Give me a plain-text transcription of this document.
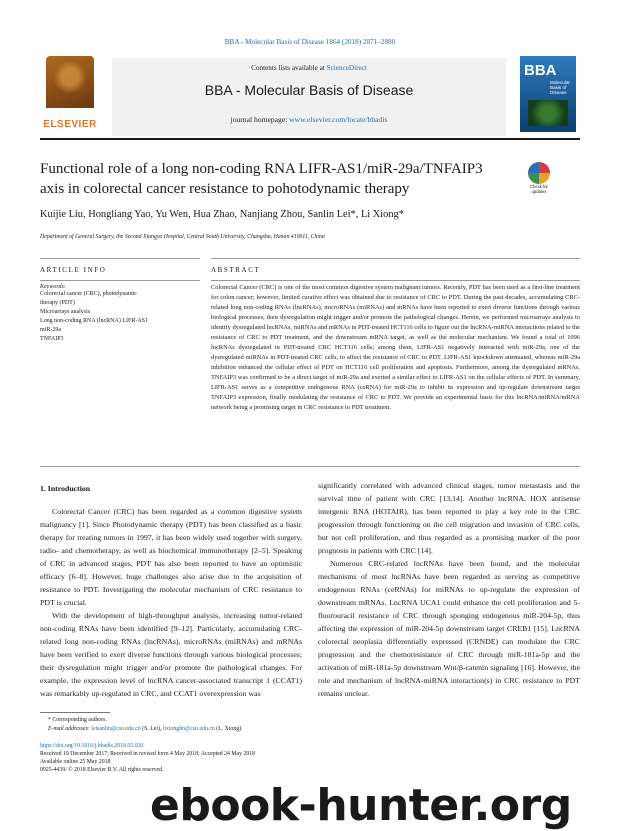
BBA - Molecular Basis of Disease 1864 (2018) 2871–2880
ELSEVIER
Contents lists available at ScienceDirect
BBA - Molecular Basis of Disease
journal homepage: www.elsevier.com/locate/bbadis
BBA
Molecular Basis of Disease
Functional role of a long non-coding RNA LIFR-AS1/miR-29a/TNFAIP3 axis in colorectal cancer resistance to pohotodynamic therapy	Check for updates
Kuijie Liu, Hongliang Yao, Yu Wen, Hua Zhao, Nanjiang Zhou, Sanlin Lei*, Li Xiong*
Department of General Surgery, the Second Xiangya Hospital, Central South University, Changsha, Hunan 410011, China
ARTICLE INFO	ABSTRACT
Keywords:
Colorectal cancer (CRC), photodynamic
therapy (PDT)
Microarrays analysis
Long non-coding RNA (lncRNA) LIFR-AS1
miR-29a
TNFAIP3
Colorectal Cancer (CRC) is one of the most common digestive system malignant tumors. Recently, PDT has been used as a first-line treatment for colon cancer; however, limited curative effect was obtained due to resistance of CRC to PDT. During the past decades, accumulating CRC-related long non-coding RNAs (lncRNAs), microRNAs (miRNAs) and mRNAs have been reported to exert diverse functions through various biological processes; their dysregulation might trigger and/or promote the pathological changes. Herein, we performed microarrays analysis to identify dysregulated lncRNAs, miRNAs and mRNAs in PDT-treated HCT116 cells to figure out the lncRNA-miRNA interactions related to the resistance of CRC to PDT treatment, and the downstream mRNA target, as well as the molecular mechanism. We found a total of 1096 lncRNAs dysregulated in PDT-treated CRC HCT116 cells; among them, LIFR-AS1 negatively interacted with miR-29a, one of the dysregulated miRNAs in PDT-treated CRC cells, to affect the resistance of CRC to PDT. LIFR-AS1 knockdown attenuated, whereas miR-29a inhibition enhanced the cellular effect of PDT on HCT116 cell proliferation and apoptosis. Furthermore, among the dysregulated mRNAs, TNFAIP3 was confirmed to be a direct target of miR-29a and exerted a similar effect to LIFR-AS1 on the cellular effects of PDT. In summary, LIFR-AS1 serves as a competitive endogenous RNA (ceRNA) for miR-29a to inhibit its expression and up-regulate downstream target TNFAIP3 expression, finally modulating the resistance of CRC to PDT. We provide an experimental basis for this lncRNA/miRNA/mRNA network being a promising target in CRC resistance to PDT treatment.
1. Introduction

Colorectal Cancer (CRC) has been regarded as a common digestive system malignancy [1]. Since Photodynamic therapy (PDT) has been classified as a basic therapy for treating tumors in 1997, it has been widely used together with surgery, radio- and chemotherapy, as well as biochemical immunotherapy [2–5]. Speaking of CRC in advanced stages, PDT has also been reported to have an optimistic efficacy [6–8]. However, huge challenges also arise due to the acquisition of resistance to PDT. Investigating the molecular mechanism of CRC resistance to PDT is crucial.

With the development of high-throughput analysis, increasing tumor-related non-coding RNAs have been identified [9–12]. Particularly, accumulating CRC-related long non-coding RNAs (lncRNAs), microRNAs (miRNAs) and mRNAs have been verified to exert diverse functions through various biological processes; their dysregulation might trigger and/or promote the pathological changes. For example, the expression level of lncRNA cancer-associated transcript 1 (CCAT1) was remarkably up-regulated in CRC, and CCAT1 overexpression was

significantly correlated with advanced clinical stages, tumor metastasis and the survival time of patient with CRC [13,14]. Another lncRNA, HOX antisense intergenic RNA (HOTAIR), has been reported to play a key role in the CRC progression through functioning on the cell migration and invasion of CRC cells, but not cell proliferation, and thus regarded as a promising marker of the poor prognosis in patients with CRC [14].

Numerous CRC-related lncRNAs have been found, and the molecular mechanisms of most lncRNAs have been regarded as serving as competitive endogenous RNAs (ceRNAs) for miRNAs to up-regulate the expression of downstream mRNAs. LncRNA UCA1 could enhance the cell proliferation and 5-fluorouracil resistance of CRC through sponging endogenous miR-204-5p, thus affecting the expression of miR-204-5p downstream target CREB1 [15]. LncRNA colorectal neoplasia differentially expressed (CRNDE) can modulate the CRC progression and the chemoresistance of CRC through miR-181a-5p and the activation of miR-181a-5p downstream Wnt/β-catenin signaling [16]. However, the role and mechanism of lncRNA-miRNA interaction(s) in CRC resistance to PDT remains unclear.

* Corresponding authors.
E-mail addresses: leisanlin@csu.edu.cn (S. Lei), lixionghn@csu.edu.cn (L. Xiong).
https://doi.org/10.1016/j.bbadis.2018.05.020
Received 19 December 2017; Received in revised form 4 May 2018; Accepted 24 May 2018
Available online 25 May 2018
0925-4439/ © 2018 Elsevier B.V. All rights reserved.
ebook-hunter.org
